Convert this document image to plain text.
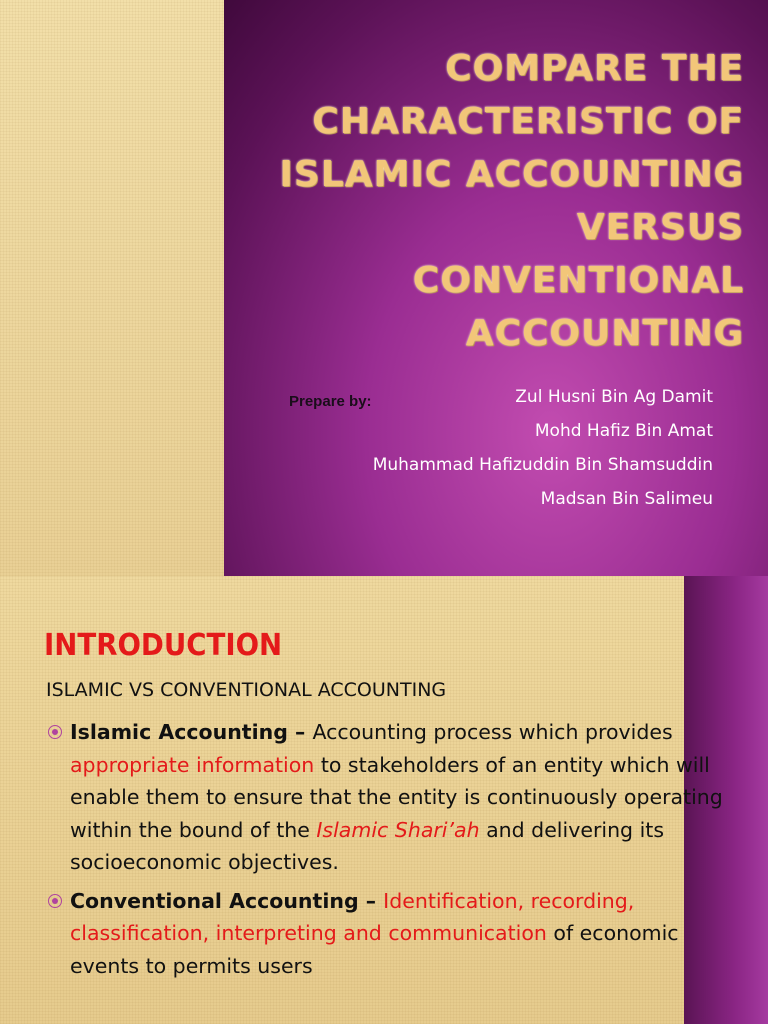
COMPARE THE
CHARACTERISTIC OF
ISLAMIC ACCOUNTING
VERSUS
CONVENTIONAL
ACCOUNTING

Prepare by:	Zul Husni Bin Ag Damit
Mohd Hafiz Bin Amat
Muhammad Hafizuddin Bin Shamsuddin
Madsan Bin Salimeu
INTRODUCTION

ISLAMIC VS CONVENTIONAL ACCOUNTING

Islamic Accounting – Accounting process which provides appropriate information to stakeholders of an entity which will enable them to ensure that the entity is continuously operating within the bound of the Islamic Shari’ah and delivering its socioeconomic objectives.
Conventional Accounting – Identification, recording, classification, interpreting and communication of economic events to permits users
